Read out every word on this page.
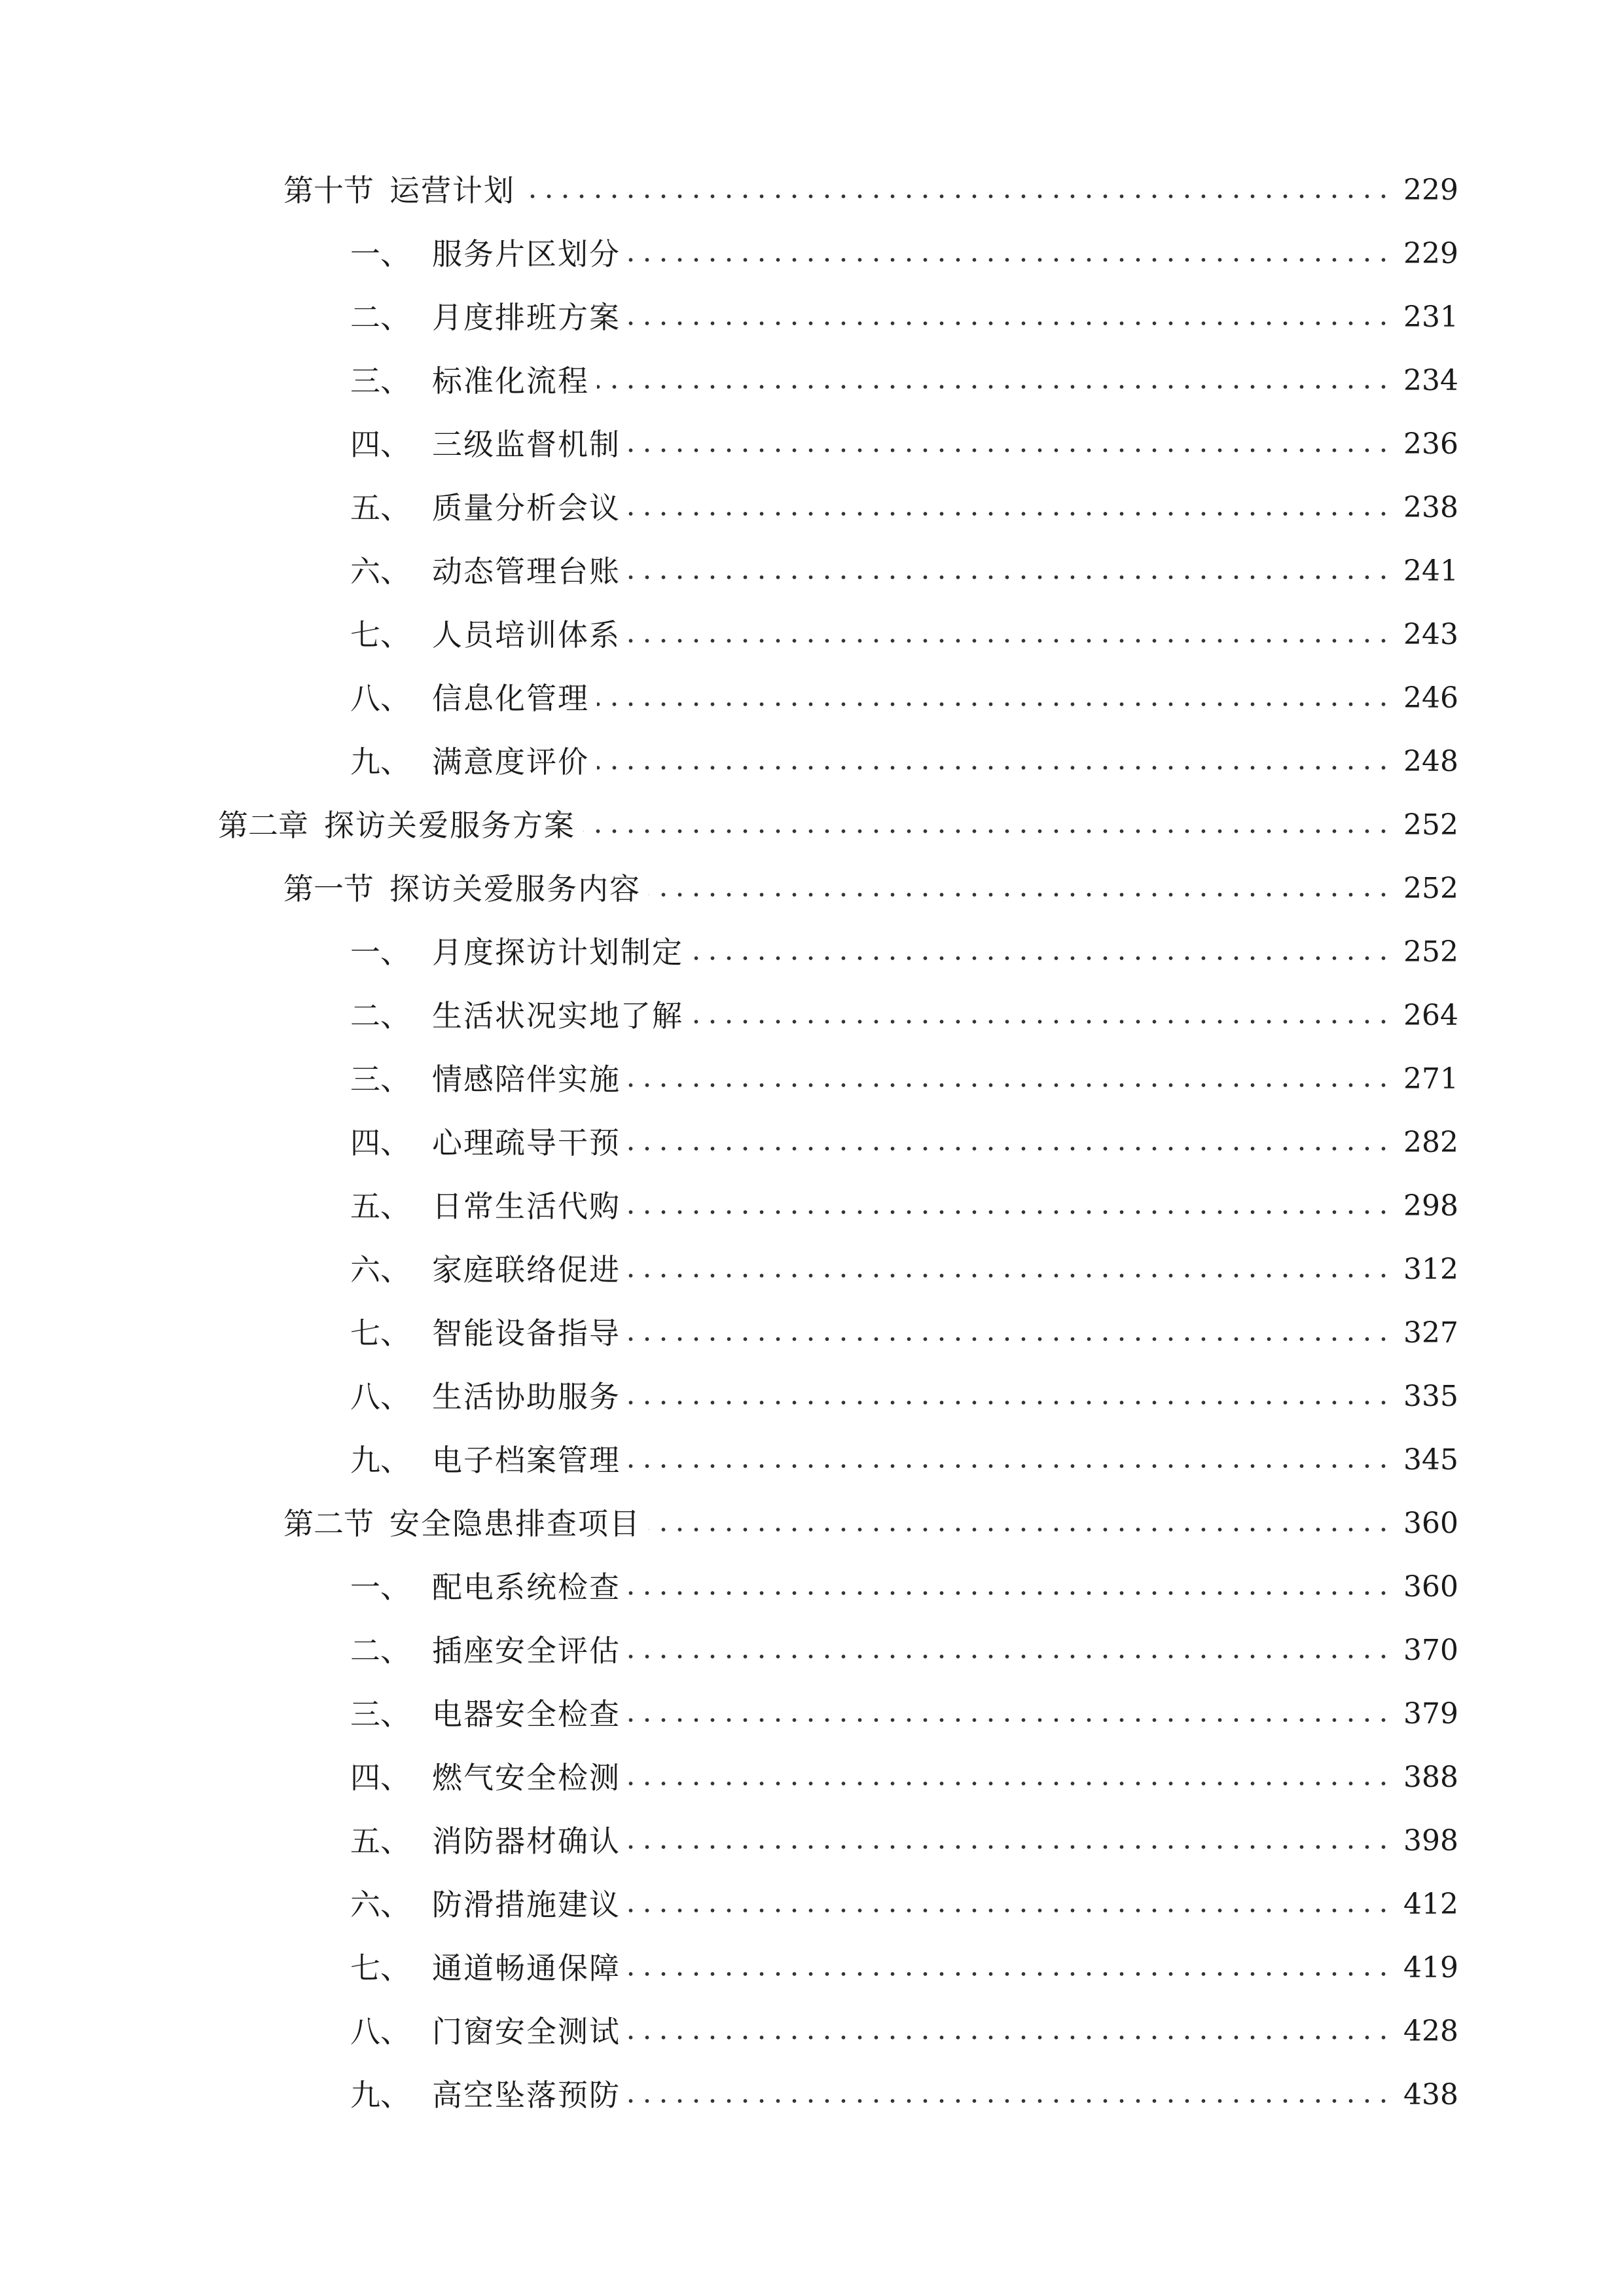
第十节 运营计划	229
一、 服务片区划分	229
二、 月度排班方案	231
三、 标准化流程	234
四、 三级监督机制	236
五、 质量分析会议	238
六、 动态管理台账	241
七、 人员培训体系	243
八、 信息化管理	246
九、 满意度评价	248
第二章 探访关爱服务方案	252
第一节 探访关爱服务内容	252
一、 月度探访计划制定	252
二、 生活状况实地了解	264
三、 情感陪伴实施	271
四、 心理疏导干预	282
五、 日常生活代购	298
六、 家庭联络促进	312
七、 智能设备指导	327
八、 生活协助服务	335
九、 电子档案管理	345
第二节 安全隐患排查项目	360
一、 配电系统检查	360
二、 插座安全评估	370
三、 电器安全检查	379
四、 燃气安全检测	388
五、 消防器材确认	398
六、 防滑措施建议	412
七、 通道畅通保障	419
八、 门窗安全测试	428
九、 高空坠落预防	438
